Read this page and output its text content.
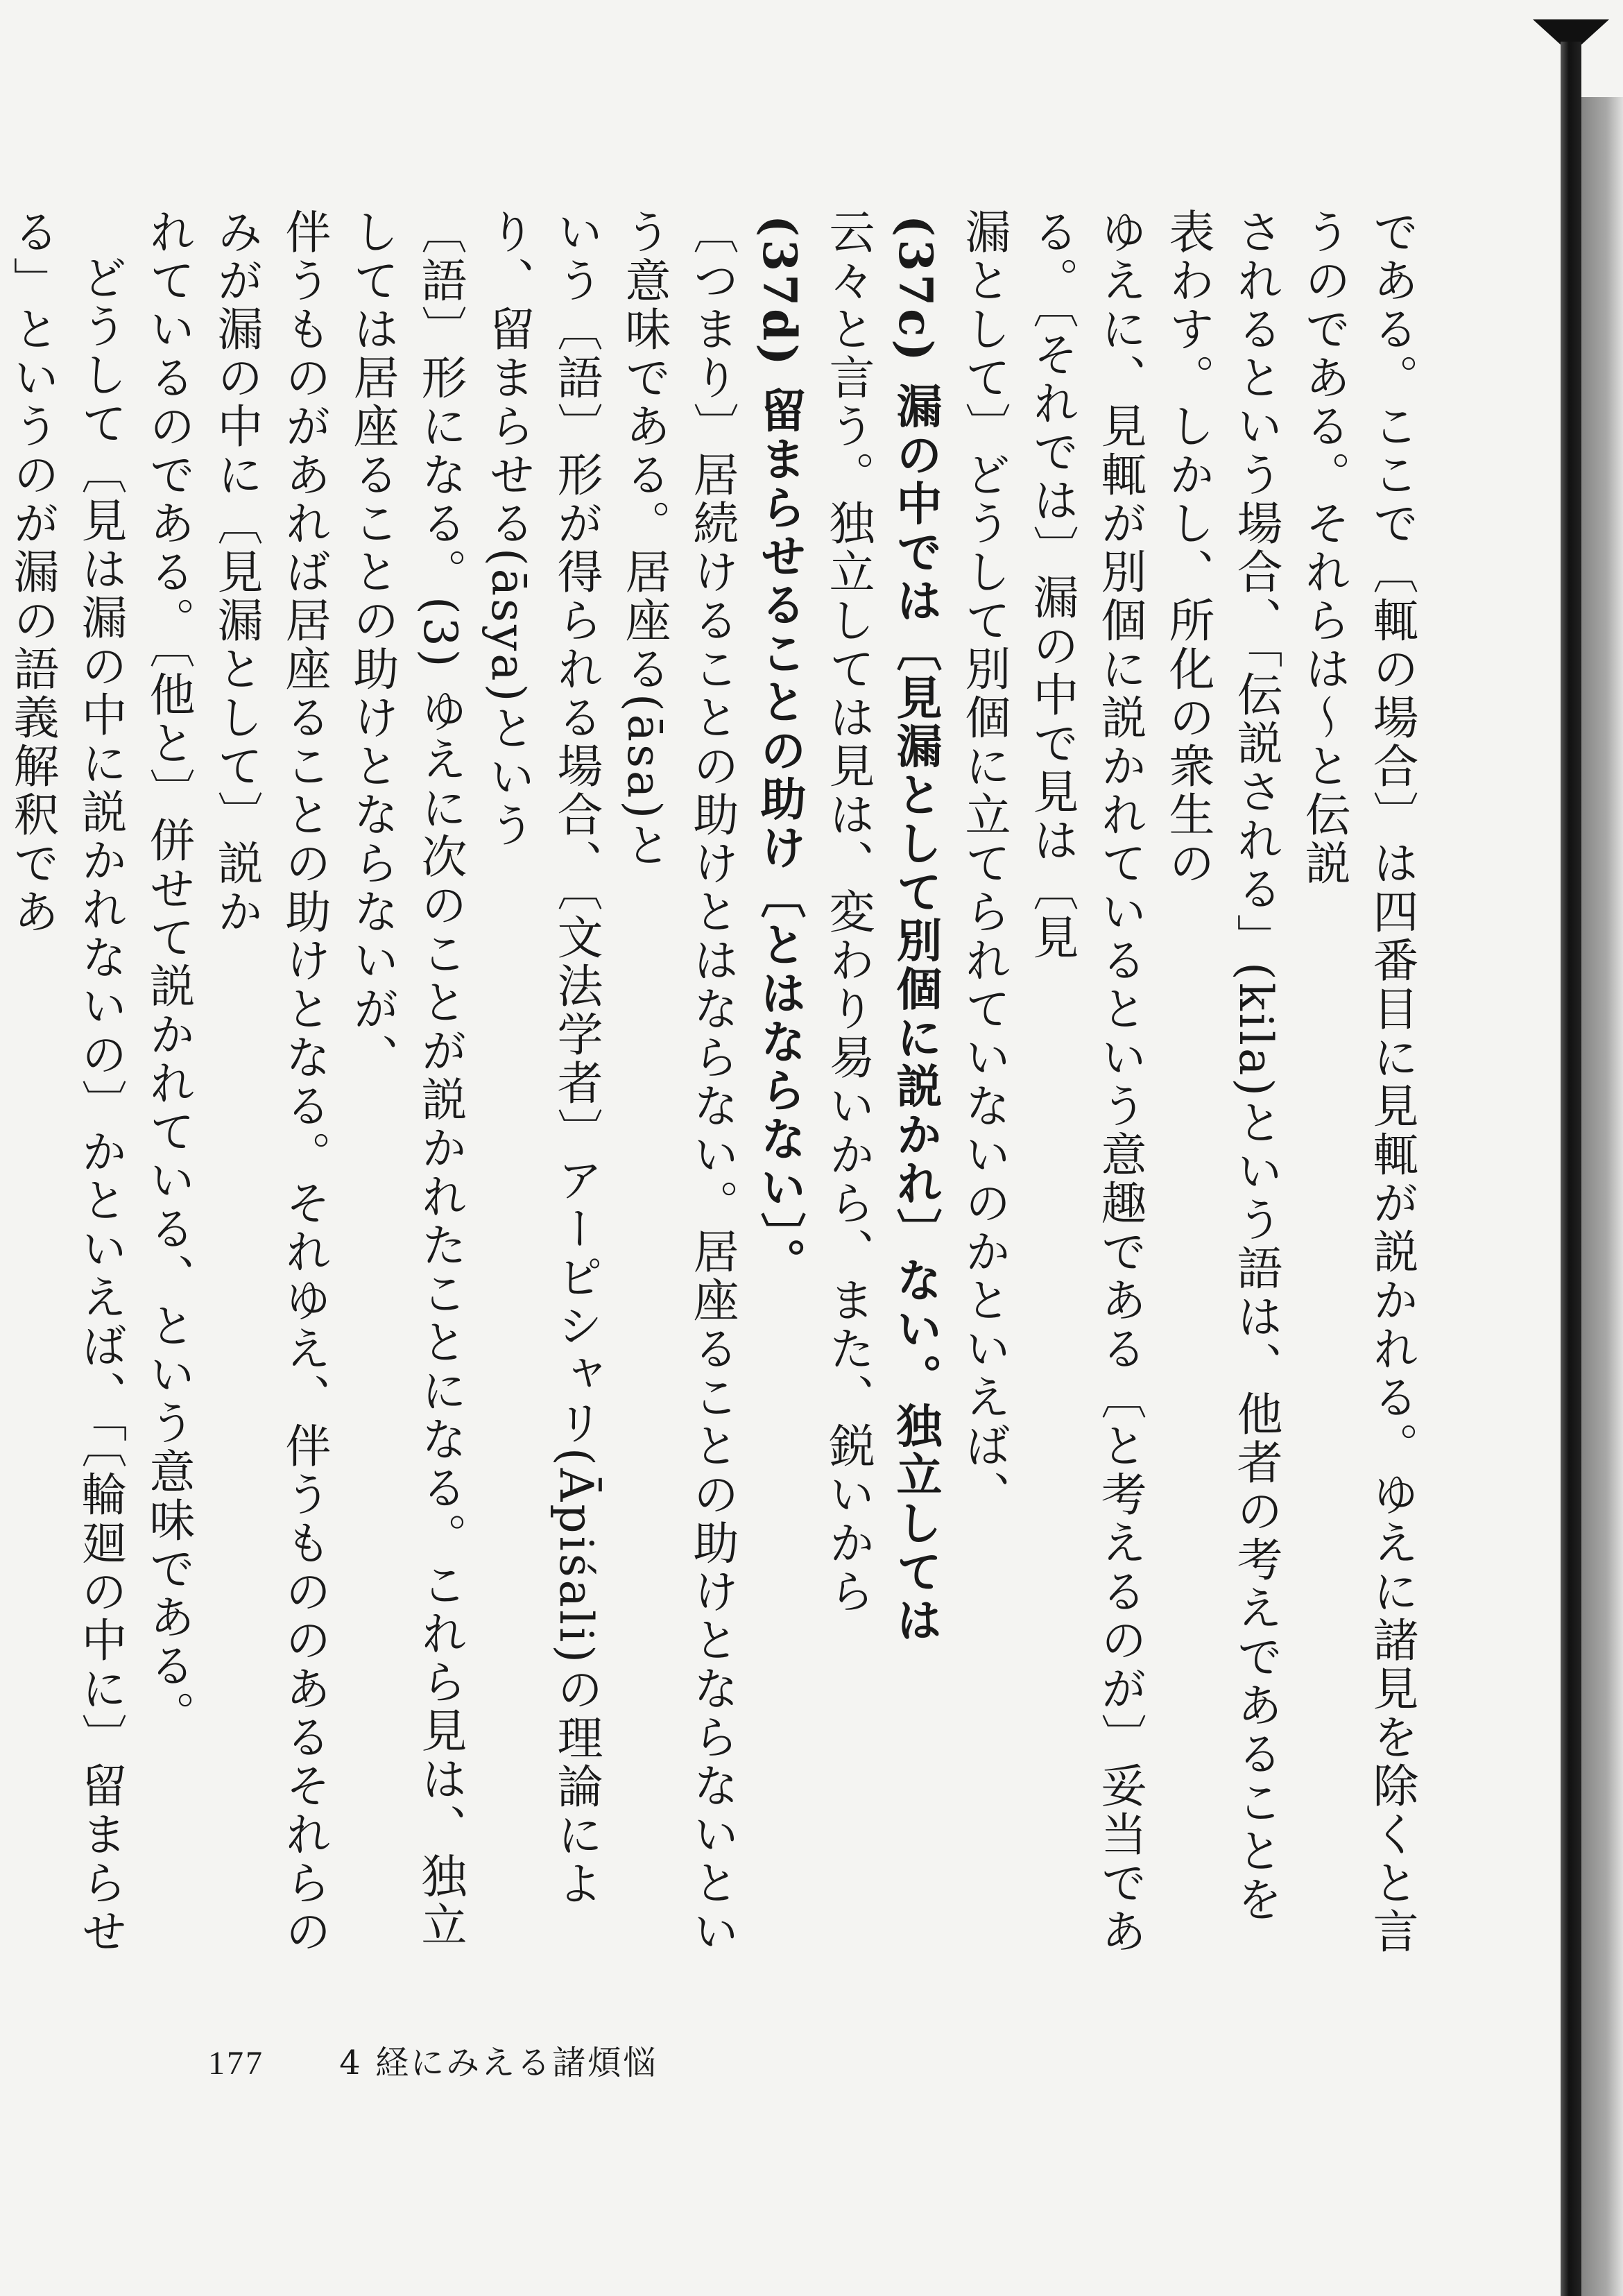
である。ここで〔輒の場合〕は四番目に見輒が説かれる。ゆえに諸見を除くと言うのである。それらは〜と伝説

されるという場合、「伝説される」(kila)という語は、他者の考えであることを表わす。しかし、所化の衆生の

ゆえに、見輒が別個に説かれているという意趣である〔と考えるのが〕妥当である。〔それでは〕漏の中で見は〔見

漏として〕どうして別個に立てられていないのかといえば、

(37c) 漏の中では〔見漏として別個に説かれ〕ない。独立しては

云々と言う。独立しては見は、変わり易いから、また、鋭いから

(37d) 留まらせることの助け〔とはならない〕。

〔つまり〕居続けることの助けとはならない。居座ることの助けとならないという意味である。居座る(āsa)と

いう〔語〕形が得られる場合、〔文法学者〕アーピシャリ(Āpiśali)の理論により、留まらせる(āsya)という

〔語〕形になる。(3) ゆえに次のことが説かれたことになる。これら見は、独立しては居座ることの助けとならないが、

伴うものがあれば居座ることの助けとなる。それゆえ、伴うもののあるそれらのみが漏の中に〔見漏として〕説か

れているのである。〔他と〕併せて説かれている、という意味である。

どうして〔見は漏の中に説かれないの〕かといえば、「〔輪廻の中に〕留まらせる」というのが漏の語義解釈であ

177 4 経にみえる諸煩悩
